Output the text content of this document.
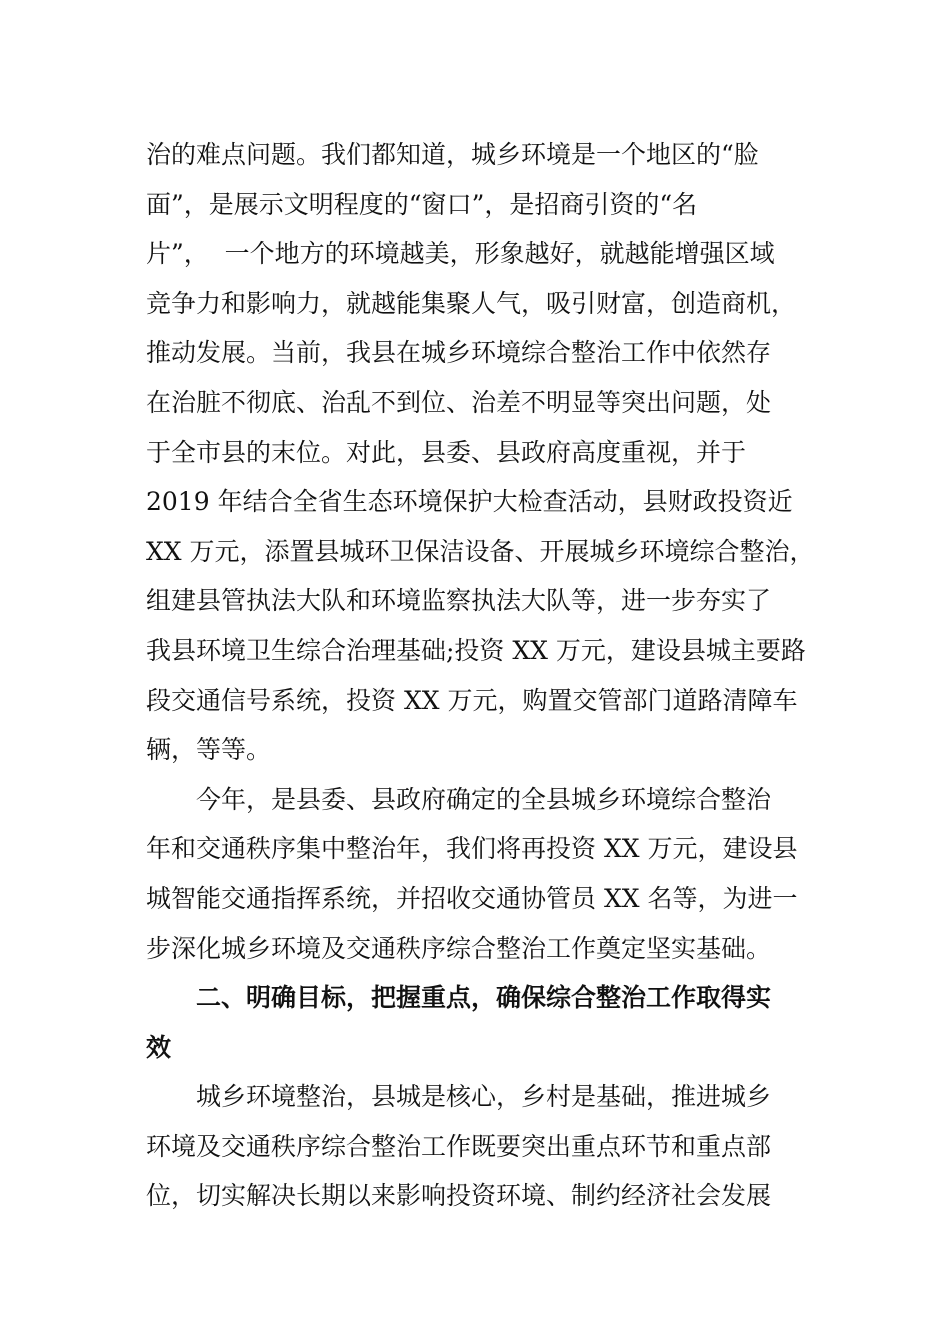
治的难点问题。我们都知道，城乡环境是一个地区的“脸
面”，是展示文明程度的“窗口”，是招商引资的“名
片”，  一个地方的环境越美，形象越好，就越能增强区域
竞争力和影响力，就越能集聚人气，吸引财富，创造商机，
推动发展。当前，我县在城乡环境综合整治工作中依然存
在治脏不彻底、治乱不到位、治差不明显等突出问题，处
于全市县的末位。对此，县委、县政府高度重视，并于
2019 年结合全省生态环境保护大检查活动，县财政投资近
XX 万元，添置县城环卫保洁设备、开展城乡环境综合整治，
组建县管执法大队和环境监察执法大队等，进一步夯实了
我县环境卫生综合治理基础;投资 XX 万元，建设县城主要路
段交通信号系统，投资 XX 万元，购置交管部门道路清障车
辆，等等。
今年，是县委、县政府确定的全县城乡环境综合整治
年和交通秩序集中整治年，我们将再投资 XX 万元，建设县
城智能交通指挥系统，并招收交通协管员 XX 名等，为进一
步深化城乡环境及交通秩序综合整治工作奠定坚实基础。
二、明确目标，把握重点，确保综合整治工作取得实
效
城乡环境整治，县城是核心，乡村是基础，推进城乡
环境及交通秩序综合整治工作既要突出重点环节和重点部
位，切实解决长期以来影响投资环境、制约经济社会发展
